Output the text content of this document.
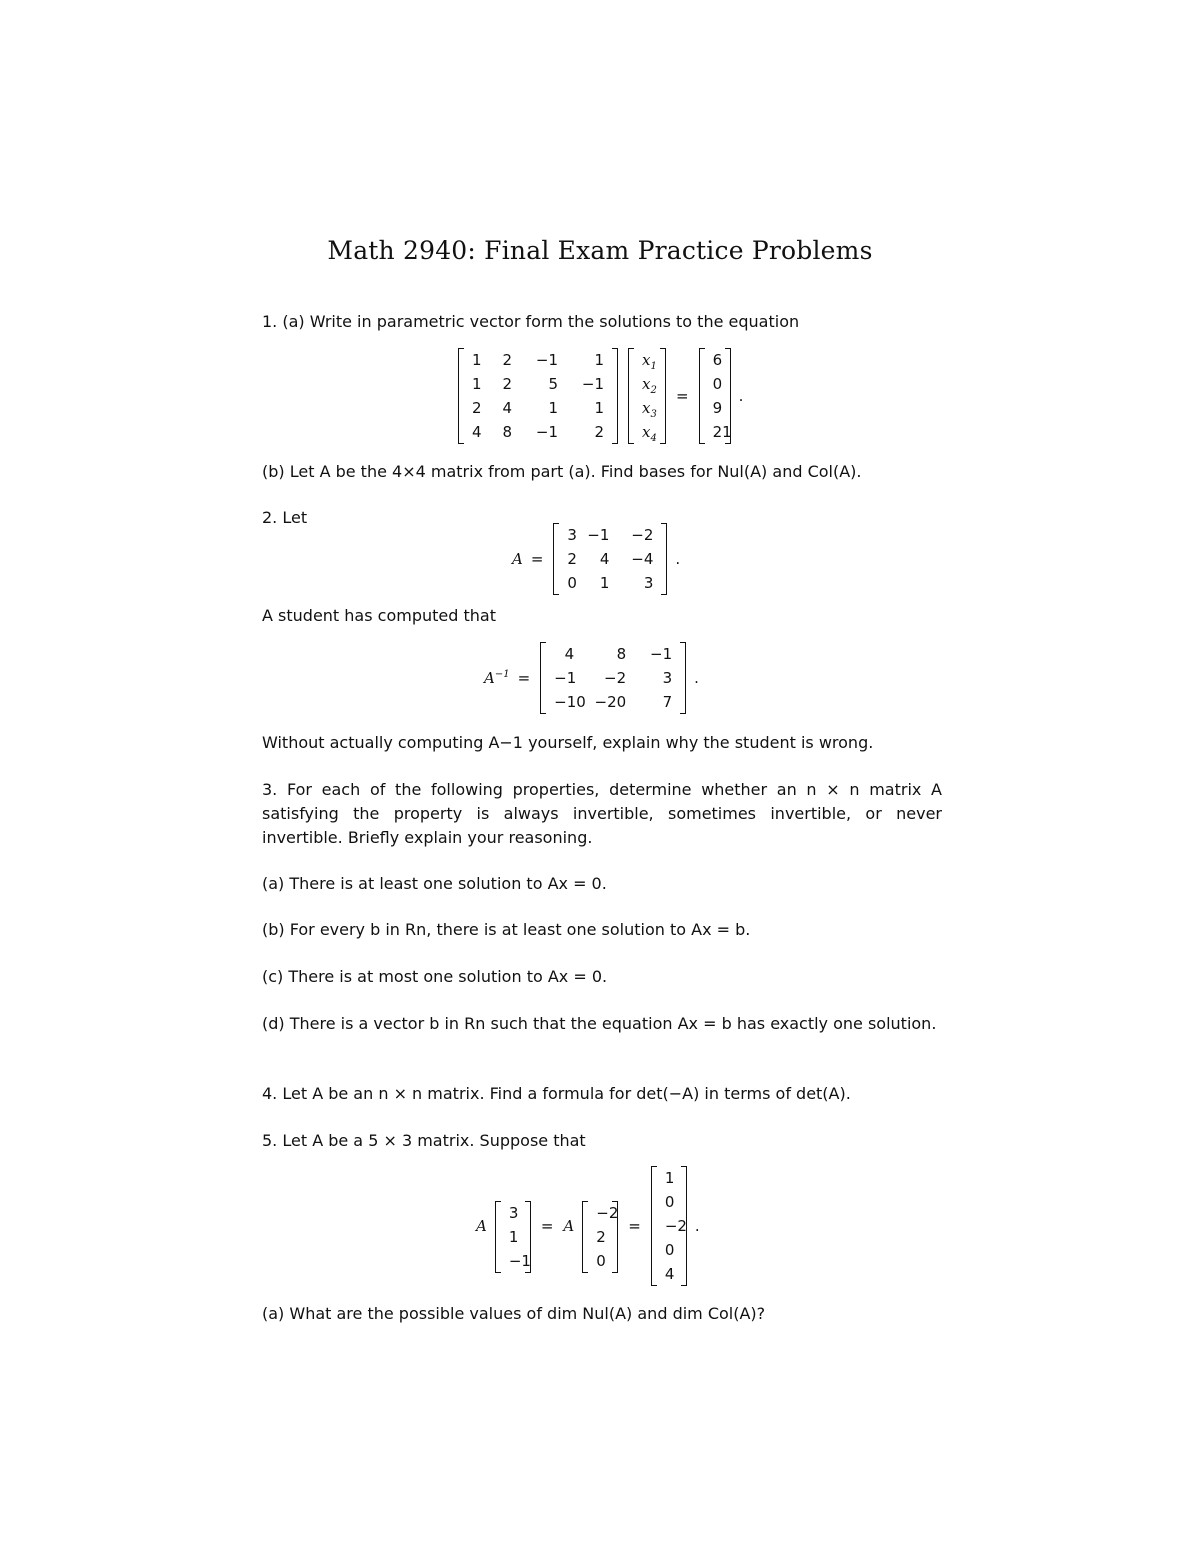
Math 2940: Final Exam Practice Problems
1. (a) Write in parametric vector form the solutions to the equation
1	2	−1	1
1	2	5	−1
2	4	1	1
4	8	−1	2
$x_1$
$x_2$
$x_3$
$x_4$
=
6
0
9
21
.
(b) Let A be the 4×4 matrix from part (a). Find bases for Nul(A) and Col(A).
2. Let
A =
3 −1	−2
2	4	−4
0	1	3
.
A student has computed that
$A^{-1}$ =
4	8	−1
−1	−2	3
−10 −20	7
.
Without actually computing A−1 yourself, explain why the student is wrong.
3. For each of the following properties, determine whether an n × n matrix A satisfying the property is always invertible, sometimes invertible, or never invertible. Briefly explain your reasoning.
(a) There is at least one solution to Ax = 0.
(b) For every b in Rn, there is at least one solution to Ax = b.
(c) There is at most one solution to Ax = 0.
(d) There is a vector b in Rn such that the equation Ax = b has exactly one solution.
4. Let A be an n × n matrix. Find a formula for det(−A) in terms of det(A).
5. Let A be a 5 × 3 matrix. Suppose that
A
3
1
−1
= A
−2
2
0
=
1
0
−2
0
4
.
(a) What are the possible values of dim Nul(A) and dim Col(A)?
